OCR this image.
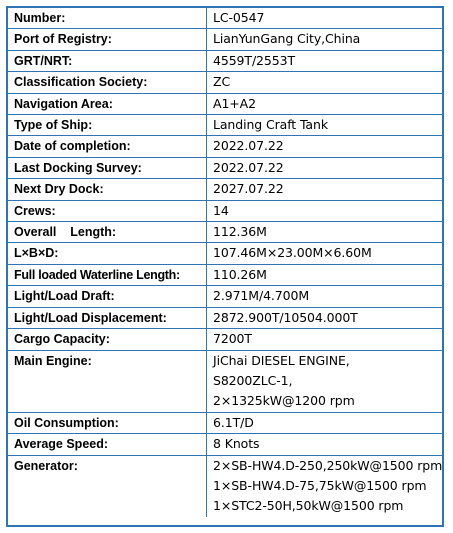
Number:	LC-0547

Port of Registry:	LianYunGang City,China

GRT/NRT:	4559T/2553T

Classification Society:	ZC

Navigation Area:	A1+A2

Type of Ship:	Landing Craft Tank

Date of completion:	2022.07.22

Last Docking Survey:	2022.07.22

Next Dry Dock:	2027.07.22

Crews:	14

Overall    Length:	112.36M

L×B×D:	107.46M×23.00M×6.60M

Full loaded Waterline Length:	110.26M

Light/Load Draft:	2.971M/4.700M

Light/Load Displacement:	2872.900T/10504.000T

Cargo Capacity:	7200T

Main Engine:	JiChai DIESEL ENGINE,
S8200ZLC-1,
2×1325kW@1200 rpm

Oil Consumption:	6.1T/D

Average Speed:	8 Knots

Generator:	2×SB-HW4.D-250,250kW@1500 rpm
1×SB-HW4.D-75,75kW@1500 rpm
1×STC2-50H,50kW@1500 rpm
